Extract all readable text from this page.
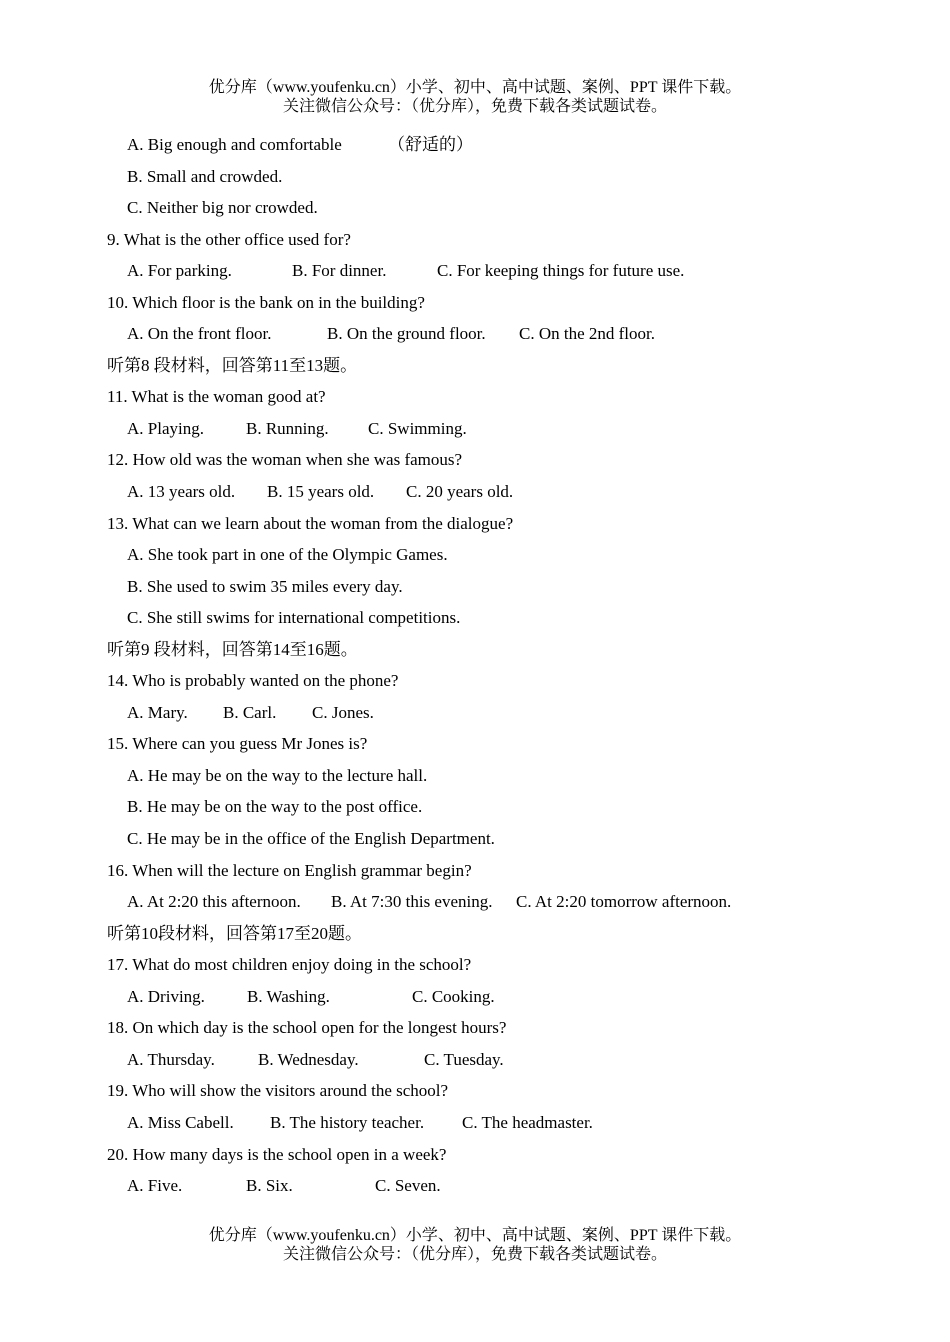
优分库（www.youfenku.cn）小学、初中、高中试题、案例、PPT 课件下载。
关注微信公众号：（优分库），免费下载各类试题试卷。
A. Big enough and comfortable	（舒适的）
B. Small and crowded.
C. Neither big nor crowded.
9. What is the other office used for?
A. For parking.	B. For dinner.	C. For keeping things for future use.
10. Which floor is the bank on in the building?
A. On the front floor.	B. On the ground floor. C. On the 2nd floor.
听第8 段材料，回答第11至13题。
11. What is the woman good at?
A. Playing. B. Running. C. Swimming.
12. How old was the woman when she was famous?
A. 13 years old. B. 15 years old. C. 20 years old.
13. What can we learn about the woman from the dialogue?
A. She took part in one of the Olympic Games.
B. She used to swim 35 miles every day.
C. She still swims for international competitions.
听第9 段材料，回答第14至16题。
14. Who is probably wanted on the phone?
A. Mary. B. Carl. C. Jones.
15. Where can you guess Mr Jones is?
A. He may be on the way to the lecture hall.
B. He may be on the way to the post office.
C. He may be in the office of the English Department.
16. When will the lecture on English grammar begin?
A. At 2:20 this afternoon. B. At 7:30 this evening. C. At 2:20 tomorrow afternoon.
听第10段材料，回答第17至20题。
17. What do most children enjoy doing in the school?
A. Driving. B. Washing.	C. Cooking.
18. On which day is the school open for the longest hours?
A. Thursday.	B. Wednesday.	C. Tuesday.
19. Who will show the visitors around the school?
A. Miss Cabell. B. The history teacher. C. The headmaster.
20. How many days is the school open in a week?
A. Five.	B. Six.	C. Seven.
优分库（www.youfenku.cn）小学、初中、高中试题、案例、PPT 课件下载。
关注微信公众号：（优分库），免费下载各类试题试卷。
